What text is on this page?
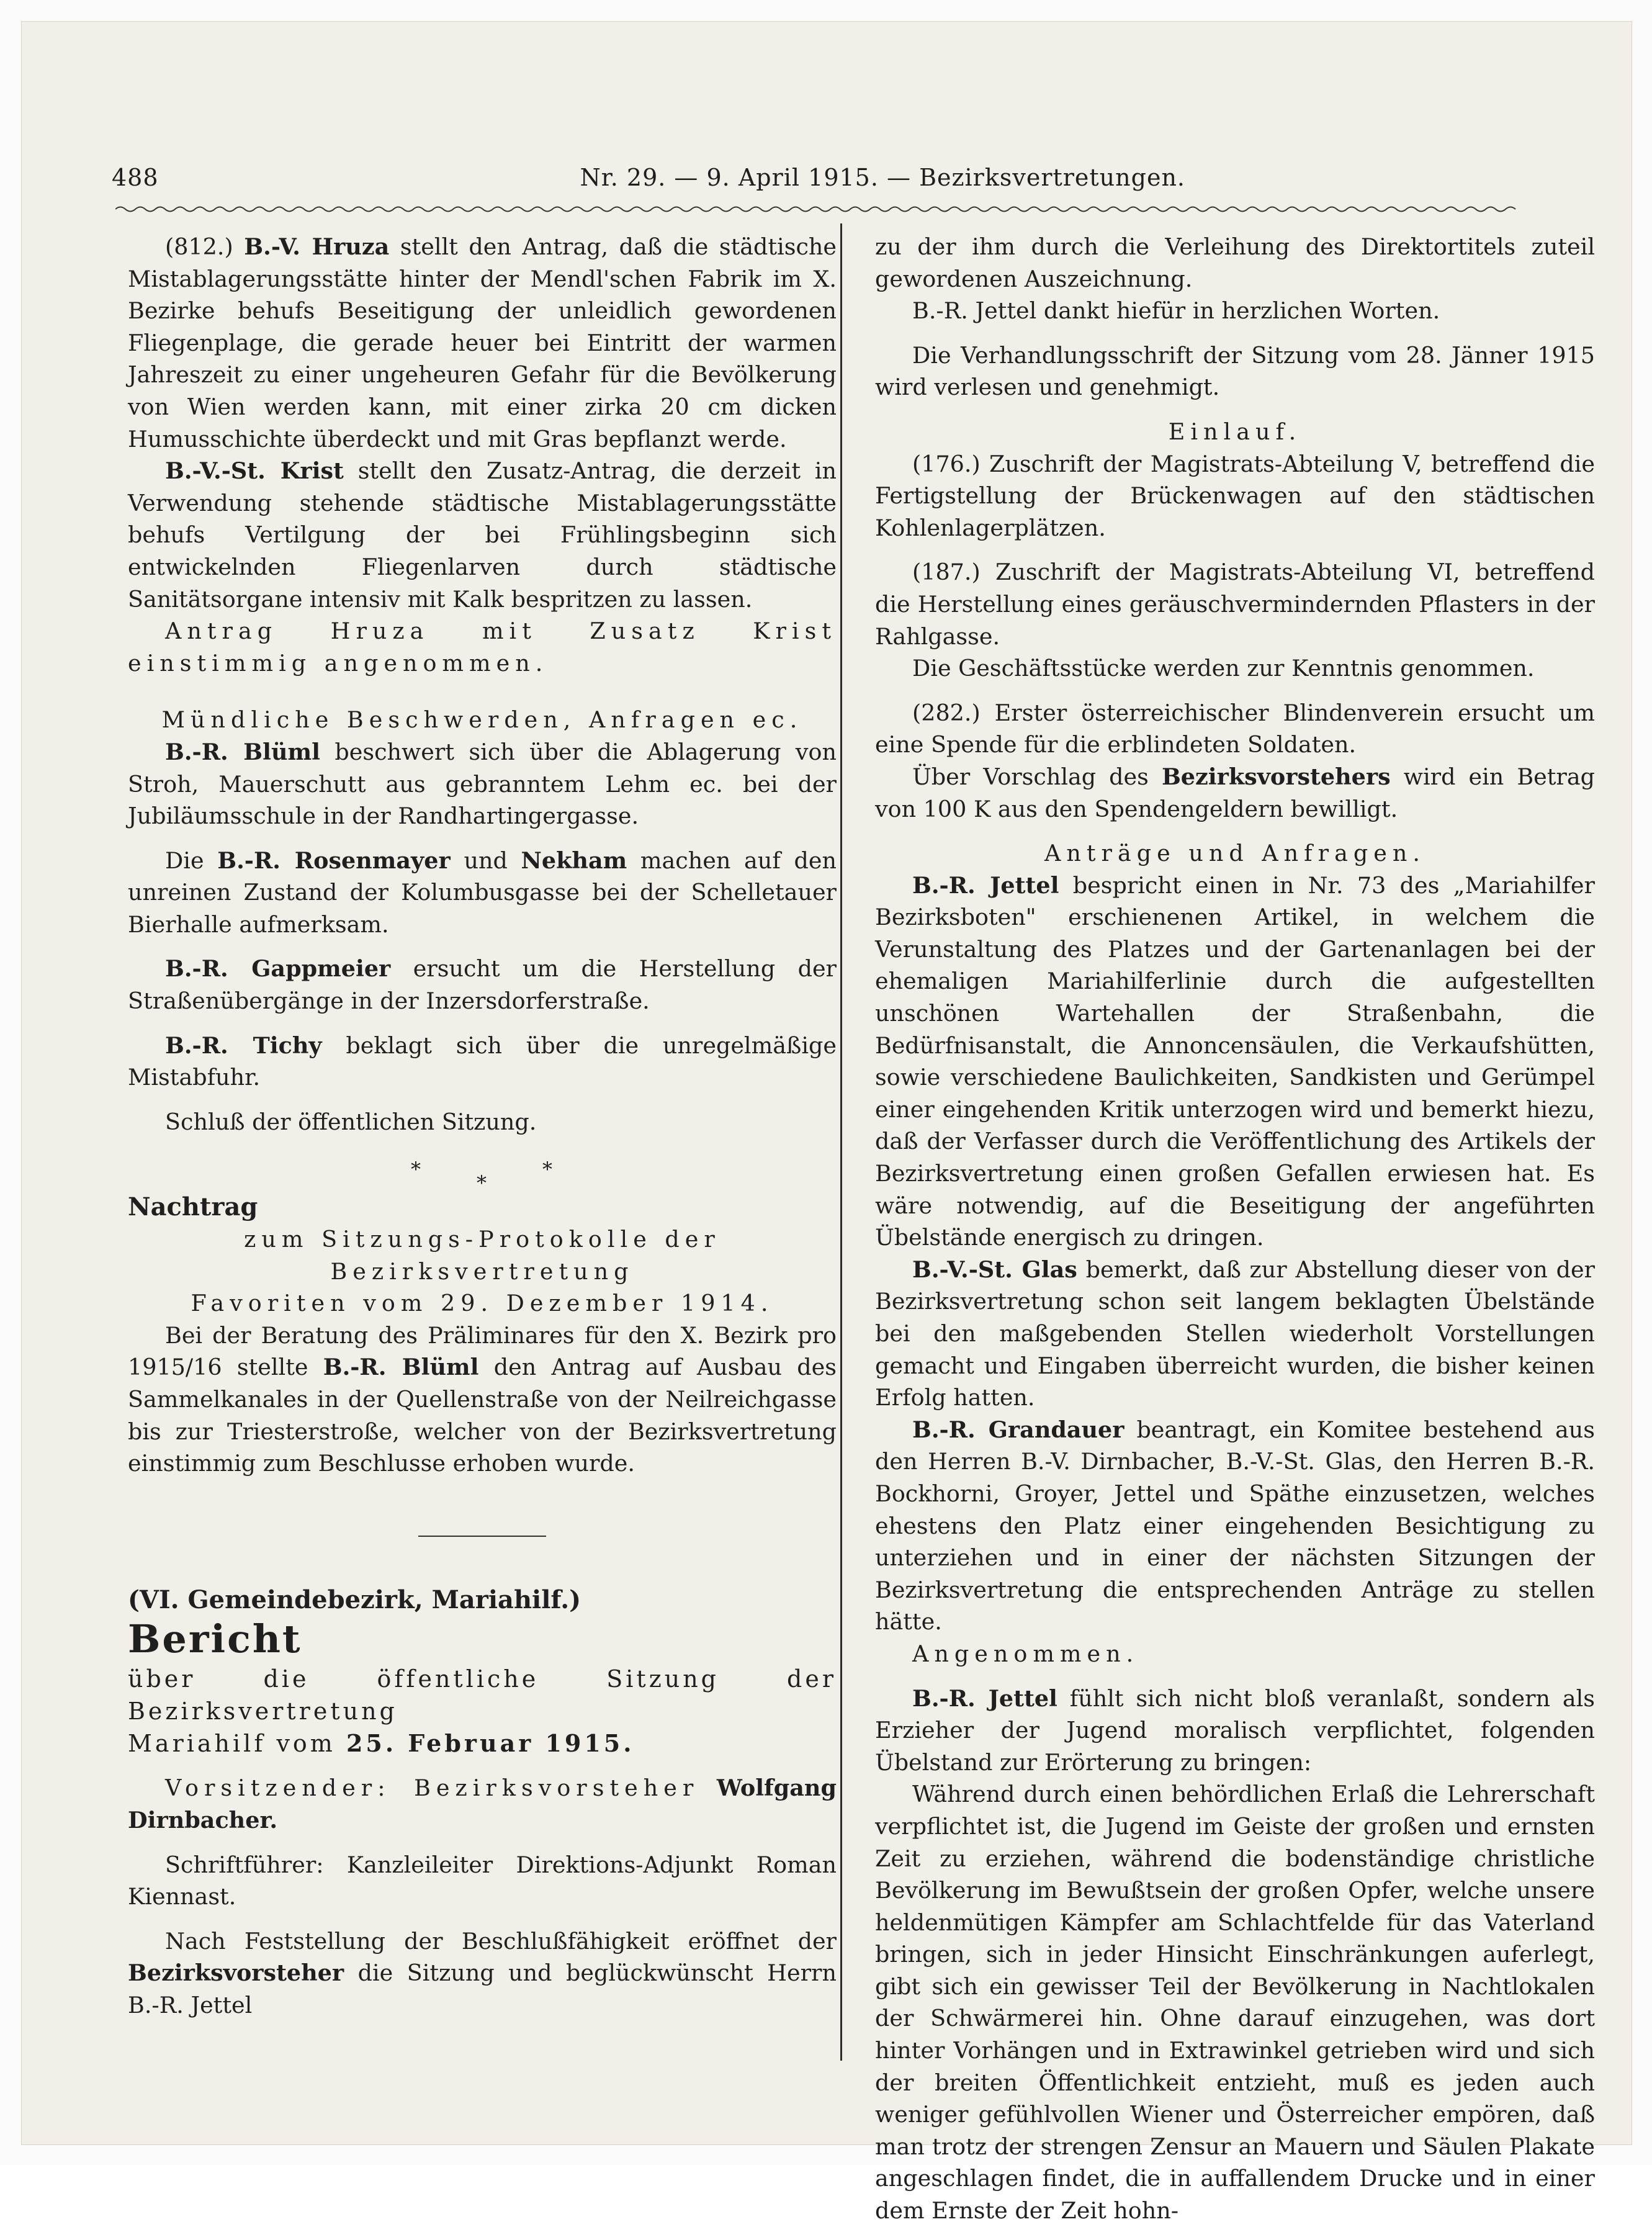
488	Nr. 29. — 9. April 1915. — Bezirksvertretungen.

(812.) B.-V. Hruza stellt den Antrag, daß die städtische Mistablagerungsstätte hinter der Mendl'schen Fabrik im X. Bezirke behufs Beseitigung der unleidlich gewordenen Fliegenplage, die gerade heuer bei Eintritt der warmen Jahreszeit zu einer ungeheuren Gefahr für die Bevölkerung von Wien werden kann, mit einer zirka 20 cm dicken Humusschichte überdeckt und mit Gras bepflanzt werde.

B.-V.-St. Krist stellt den Zusatz-Antrag, die derzeit in Verwendung stehende städtische Mistablagerungsstätte behufs Vertilgung der bei Frühlingsbeginn sich entwickelnden Fliegenlarven durch städtische Sanitätsorgane intensiv mit Kalk bespritzen zu lassen.

Antrag Hruza mit Zusatz Krist einstimmig angenommen.

Mündliche Beschwerden, Anfragen ec.

B.-R. Blüml beschwert sich über die Ablagerung von Stroh, Mauerschutt aus gebranntem Lehm ec. bei der Jubiläumsschule in der Randhartingergasse.

Die B.-R. Rosenmayer und Nekham machen auf den unreinen Zustand der Kolumbusgasse bei der Schelletauer Bierhalle aufmerksam.

B.-R. Gappmeier ersucht um die Herstellung der Straßenübergänge in der Inzersdorferstraße.

B.-R. Tichy beklagt sich über die unregelmäßige Mistabfuhr.

Schluß der öffentlichen Sitzung.

*
*
*

Nachtrag

zum Sitzungs-Protokolle der Bezirksvertretung

Favoriten vom 29. Dezember 1914.

Bei der Beratung des Präliminares für den X. Bezirk pro 1915/16 stellte B.-R. Blüml den Antrag auf Ausbau des Sammelkanales in der Quellenstraße von der Neilreichgasse bis zur Triesterstroße, welcher von der Bezirksvertretung einstimmig zum Beschlusse erhoben wurde.

(VI. Gemeindebezirk, Mariahilf.)

Bericht

über die öffentliche Sitzung der Bezirksvertretung

Mariahilf vom 25. Februar 1915.

Vorsitzender: Bezirksvorsteher Wolfgang Dirnbacher.

Schriftführer: Kanzleileiter Direktions-Adjunkt Roman Kiennast.

Nach Feststellung der Beschlußfähigkeit eröffnet der Bezirksvorsteher die Sitzung und beglückwünscht Herrn B.-R. Jettel

zu der ihm durch die Verleihung des Direktortitels zuteil gewordenen Auszeichnung.

B.-R. Jettel dankt hiefür in herzlichen Worten.

Die Verhandlungsschrift der Sitzung vom 28. Jänner 1915 wird verlesen und genehmigt.

Einlauf.

(176.) Zuschrift der Magistrats-Abteilung V, betreffend die Fertigstellung der Brückenwagen auf den städtischen Kohlenlagerplätzen.

(187.) Zuschrift der Magistrats-Abteilung VI, betreffend die Herstellung eines geräuschvermindernden Pflasters in der Rahlgasse.

Die Geschäftsstücke werden zur Kenntnis genommen.

(282.) Erster österreichischer Blindenverein ersucht um eine Spende für die erblindeten Soldaten.

Über Vorschlag des Bezirksvorstehers wird ein Betrag von 100 K aus den Spendengeldern bewilligt.

Anträge und Anfragen.

B.-R. Jettel bespricht einen in Nr. 73 des „Mariahilfer Bezirksboten" erschienenen Artikel, in welchem die Verunstaltung des Platzes und der Gartenanlagen bei der ehemaligen Mariahilferlinie durch die aufgestellten unschönen Wartehallen der Straßenbahn, die Bedürfnisanstalt, die Annoncensäulen, die Verkaufshütten, sowie verschiedene Baulichkeiten, Sandkisten und Gerümpel einer eingehenden Kritik unterzogen wird und bemerkt hiezu, daß der Verfasser durch die Veröffentlichung des Artikels der Bezirksvertretung einen großen Gefallen erwiesen hat. Es wäre notwendig, auf die Beseitigung der angeführten Übelstände energisch zu dringen.

B.-V.-St. Glas bemerkt, daß zur Abstellung dieser von der Bezirksvertretung schon seit langem beklagten Übelstände bei den maßgebenden Stellen wiederholt Vorstellungen gemacht und Eingaben überreicht wurden, die bisher keinen Erfolg hatten.

B.-R. Grandauer beantragt, ein Komitee bestehend aus den Herren B.-V. Dirnbacher, B.-V.-St. Glas, den Herren B.-R. Bockhorni, Groyer, Jettel und Späthe einzusetzen, welches ehestens den Platz einer eingehenden Besichtigung zu unterziehen und in einer der nächsten Sitzungen der Bezirksvertretung die entsprechenden Anträge zu stellen hätte.

Angenommen.

B.-R. Jettel fühlt sich nicht bloß veranlaßt, sondern als Erzieher der Jugend moralisch verpflichtet, folgenden Übelstand zur Erörterung zu bringen:

Während durch einen behördlichen Erlaß die Lehrerschaft verpflichtet ist, die Jugend im Geiste der großen und ernsten Zeit zu erziehen, während die bodenständige christliche Bevölkerung im Bewußtsein der großen Opfer, welche unsere heldenmütigen Kämpfer am Schlachtfelde für das Vaterland bringen, sich in jeder Hinsicht Einschränkungen auferlegt, gibt sich ein gewisser Teil der Bevölkerung in Nachtlokalen der Schwärmerei hin. Ohne darauf einzugehen, was dort hinter Vorhängen und in Extrawinkel getrieben wird und sich der breiten Öffentlichkeit entzieht, muß es jeden auch weniger gefühlvollen Wiener und Österreicher empören, daß man trotz der strengen Zensur an Mauern und Säulen Plakate angeschlagen findet, die in auffallendem Drucke und in einer dem Ernste der Zeit hohn-
